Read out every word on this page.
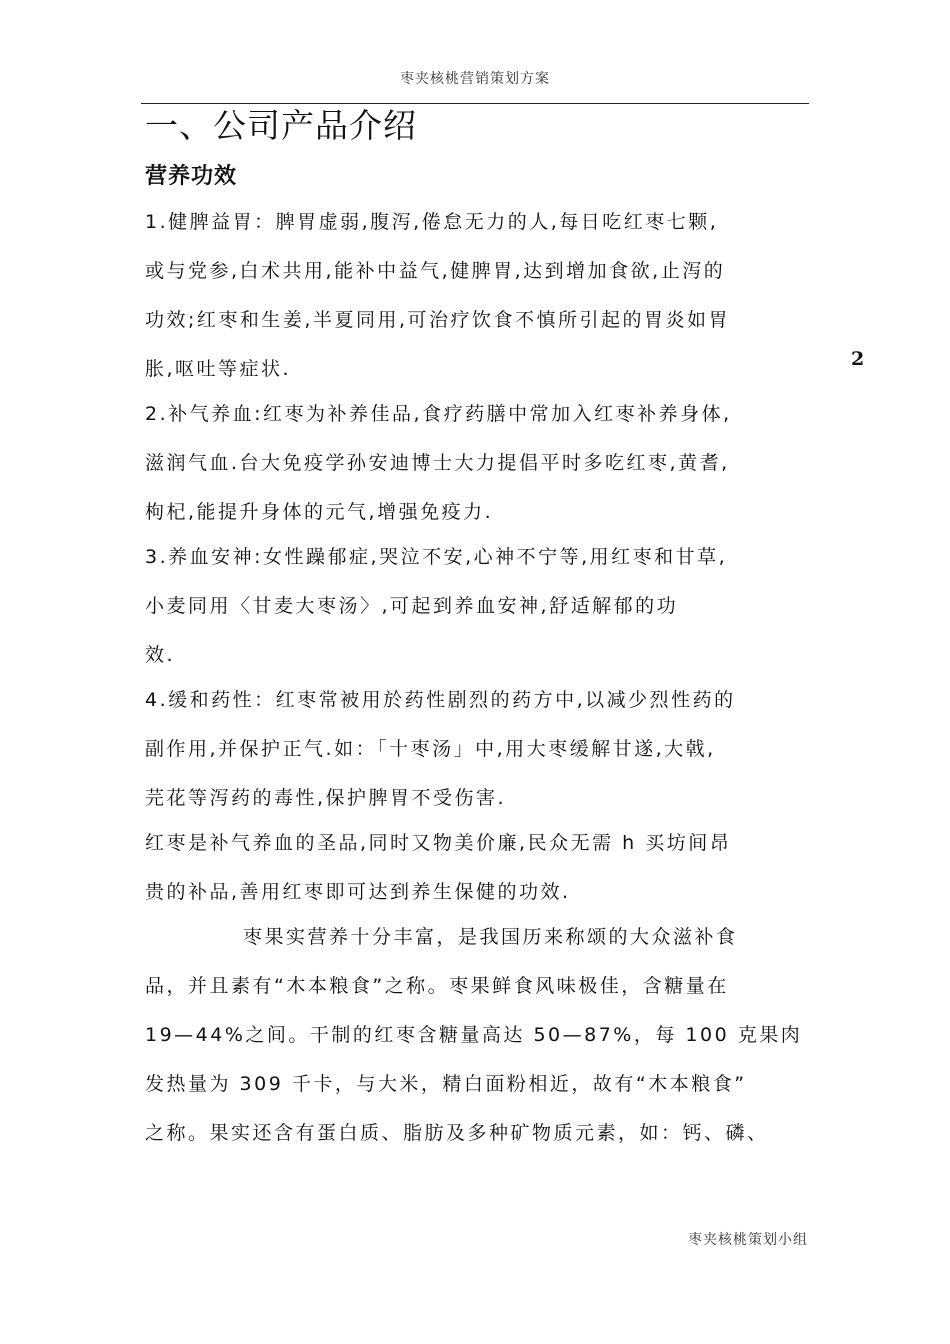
枣夹核桃营销策划方案
2
一、公司产品介绍
营养功效
1.健脾益胃：脾胃虚弱,腹泻,倦怠无力的人,每日吃红枣七颗,
或与党参,白术共用,能补中益气,健脾胃,达到增加食欲,止泻的
功效;红枣和生姜,半夏同用,可治疗饮食不慎所引起的胃炎如胃
胀,呕吐等症状.
2.补气养血:红枣为补养佳品,食疗药膳中常加入红枣补养身体,
滋润气血.台大免疫学孙安迪博士大力提倡平时多吃红枣,黄耆,
枸杞,能提升身体的元气,增强免疫力.
3.养血安神:女性躁郁症,哭泣不安,心神不宁等,用红枣和甘草,
小麦同用〈甘麦大枣汤〉,可起到养血安神,舒适解郁的功
效.
4.缓和药性：红枣常被用於药性剧烈的药方中,以减少烈性药的
副作用,并保护正气.如：「十枣汤」中,用大枣缓解甘遂,大戟,
芫花等泻药的毒性,保护脾胃不受伤害.
红枣是补气养血的圣品,同时又物美价廉,民众无需 h 买坊间昂
贵的补品,善用红枣即可达到养生保健的功效.
枣果实营养十分丰富，是我国历来称颂的大众滋补食
品，并且素有“木本粮食”之称。枣果鲜食风味极佳，含糖量在
19—44%之间。干制的红枣含糖量高达 50—87%，每 100 克果肉
发热量为 309 千卡，与大米，精白面粉相近，故有“木本粮食”
之称。果实还含有蛋白质、脂肪及多种矿物质元素，如：钙、磷、
枣夹核桃策划小组
